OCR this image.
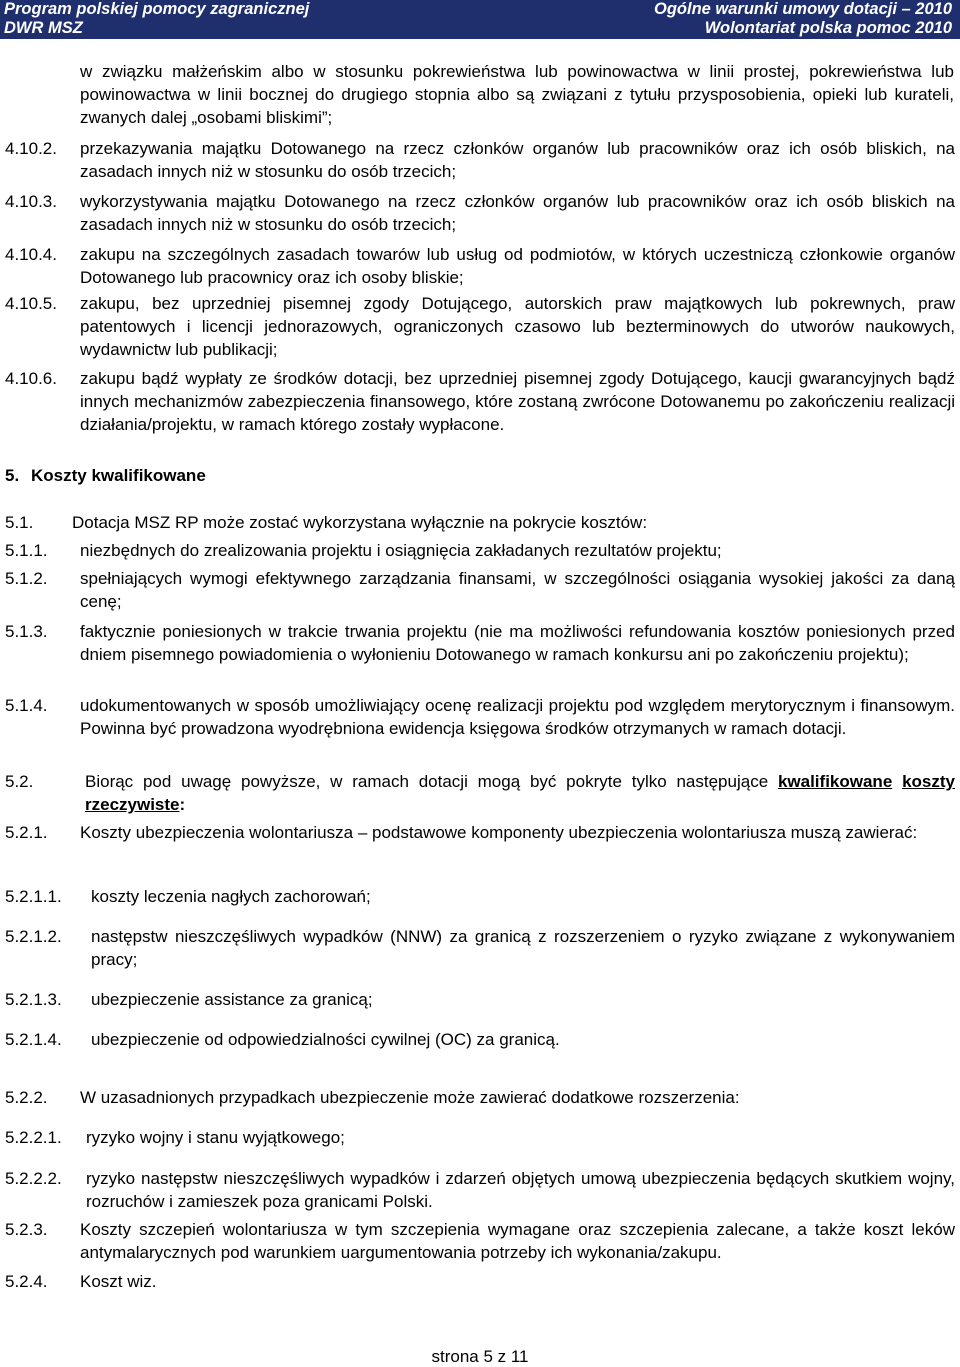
Program polskiej pomocy zagranicznej
DWR MSZ
Ogólne warunki umowy dotacji – 2010
Wolontariat polska pomoc 2010
w związku małżeńskim albo w stosunku pokrewieństwa lub powinowactwa w linii prostej, pokrewieństwa lub powinowactwa w linii bocznej do drugiego stopnia albo są związani z tytułu przysposobienia, opieki lub kurateli, zwanych dalej „osobami bliskimi”;
4.10.2. przekazywania majątku Dotowanego na rzecz członków organów lub pracowników oraz ich osób bliskich, na zasadach innych niż w stosunku do osób trzecich;
4.10.3. wykorzystywania majątku Dotowanego na rzecz członków organów lub pracowników oraz ich osób bliskich na zasadach innych niż w stosunku do osób trzecich;
4.10.4. zakupu na szczególnych zasadach towarów lub usług od podmiotów, w których uczestniczą członkowie organów Dotowanego lub pracownicy oraz ich osoby bliskie;
4.10.5. zakupu, bez uprzedniej pisemnej zgody Dotującego, autorskich praw majątkowych lub pokrewnych, praw patentowych i licencji jednorazowych, ograniczonych czasowo lub bezterminowych do utworów naukowych, wydawnictw lub publikacji;
4.10.6. zakupu bądź wypłaty ze środków dotacji, bez uprzedniej pisemnej zgody Dotującego, kaucji gwarancyjnych bądź innych mechanizmów zabezpieczenia finansowego, które zostaną zwrócone Dotowanemu po zakończeniu realizacji działania/projektu, w ramach którego zostały wypłacone.
5. Koszty kwalifikowane
5.1. Dotacja MSZ RP może zostać wykorzystana wyłącznie na pokrycie kosztów:
5.1.1. niezbędnych do zrealizowania projektu i osiągnięcia zakładanych rezultatów projektu;
5.1.2. spełniających wymogi efektywnego zarządzania finansami, w szczególności osiągania wysokiej jakości za daną cenę;
5.1.3. faktycznie poniesionych w trakcie trwania projektu (nie ma możliwości refundowania kosztów poniesionych przed dniem pisemnego powiadomienia o wyłonieniu Dotowanego w ramach konkursu ani po zakończeniu projektu);
5.1.4. udokumentowanych w sposób umożliwiający ocenę realizacji projektu pod względem merytorycznym i finansowym. Powinna być prowadzona wyodrębniona ewidencja księgowa środków otrzymanych w ramach dotacji.
5.2.	Biorąc pod uwagę powyższe, w ramach dotacji mogą być pokryte tylko następujące kwalifikowane koszty rzeczywiste:
5.2.1. Koszty ubezpieczenia wolontariusza – podstawowe komponenty ubezpieczenia wolontariusza muszą zawierać:
5.2.1.1. koszty leczenia nagłych zachorowań;
5.2.1.2. następstw nieszczęśliwych wypadków (NNW) za granicą z rozszerzeniem o ryzyko związane z wykonywaniem pracy;
5.2.1.3. ubezpieczenie assistance za granicą;
5.2.1.4. ubezpieczenie od odpowiedzialności cywilnej (OC) za granicą.
5.2.2. W uzasadnionych przypadkach ubezpieczenie może zawierać dodatkowe rozszerzenia:
5.2.2.1. ryzyko wojny i stanu wyjątkowego;
5.2.2.2. ryzyko następstw nieszczęśliwych wypadków i zdarzeń objętych umową ubezpieczenia będących skutkiem wojny, rozruchów i zamieszek poza granicami Polski.
5.2.3. Koszty szczepień wolontariusza w tym szczepienia wymagane oraz szczepienia zalecane, a także koszt leków antymalarycznych pod warunkiem uargumentowania potrzeby ich wykonania/zakupu.
5.2.4. Koszt wiz.
strona 5 z 11
